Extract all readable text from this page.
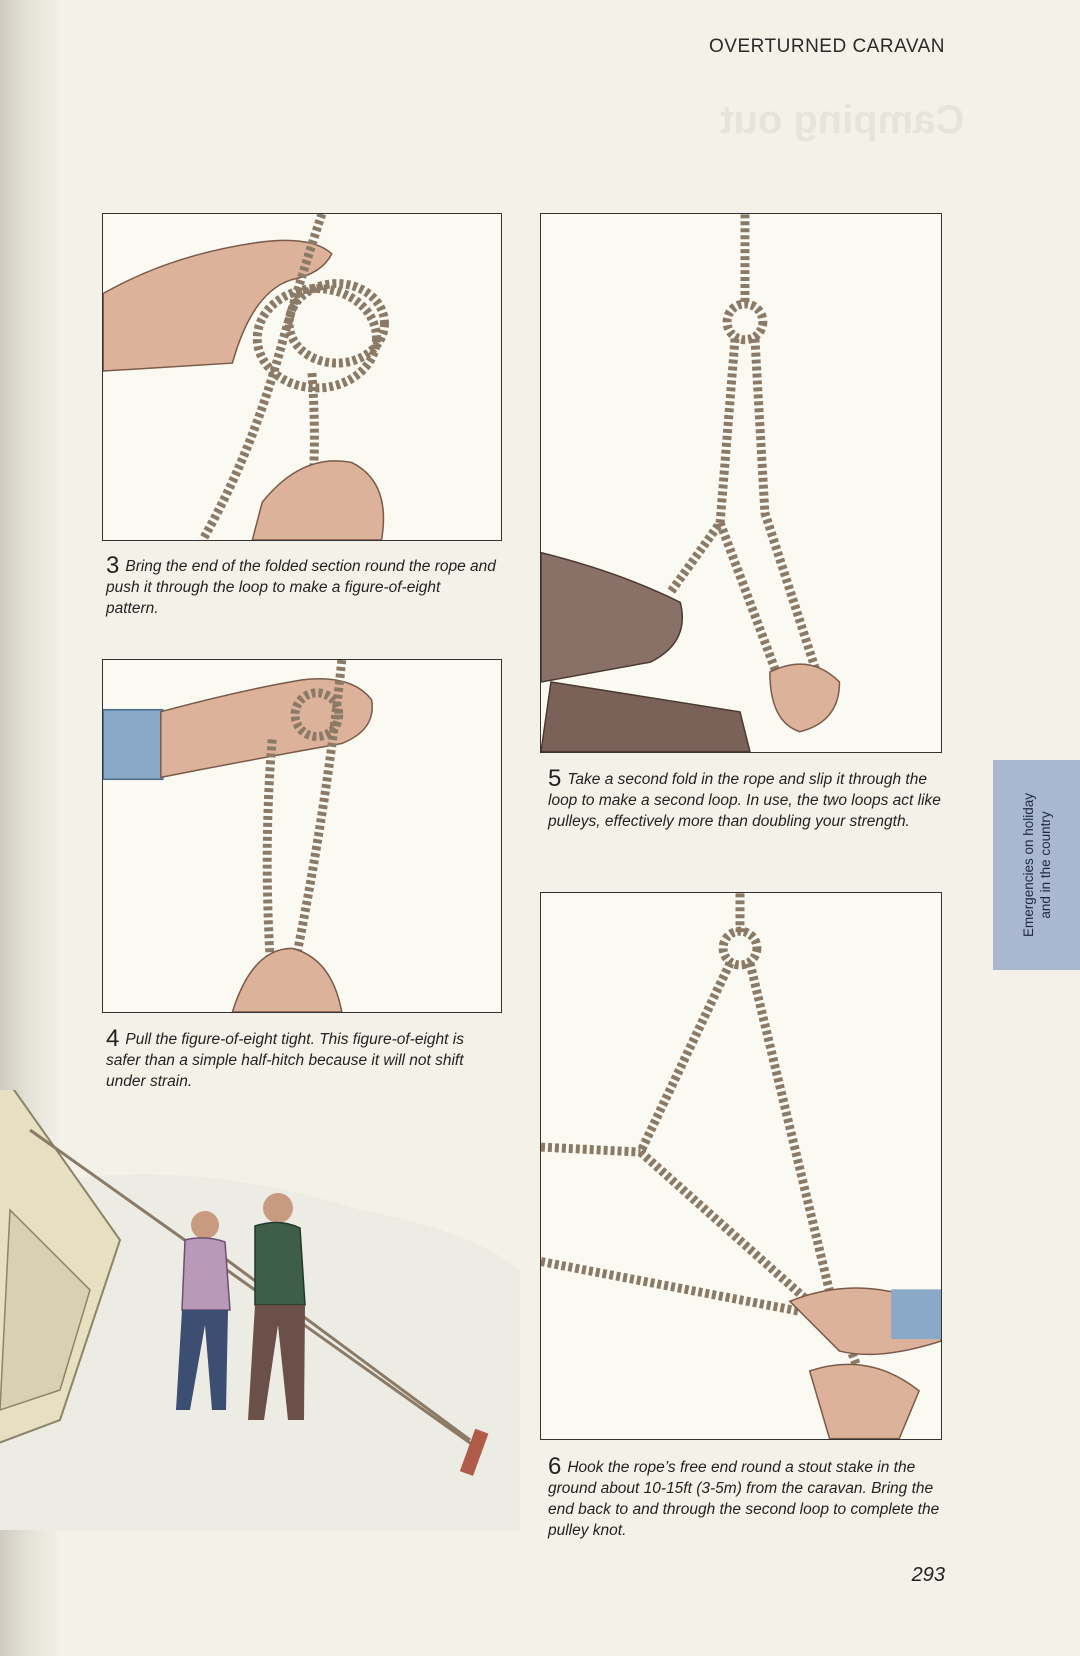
Camping out
OVERTURNED CARAVAN
3 Bring the end of the folded section round the rope and push it through the loop to make a figure-of-eight pattern.
4 Pull the figure-of-eight tight. This figure-of-eight is safer than a simple half-hitch because it will not shift under strain.
5 Take a second fold in the rope and slip it through the loop to make a second loop. In use, the two loops act like pulleys, effectively more than doubling your strength.
6 Hook the rope’s free end round a stout stake in the ground about 10-15ft (3-5m) from the caravan. Bring the end back to and through the second loop to complete the pulley knot.
Emergencies on holiday and in the country
293
